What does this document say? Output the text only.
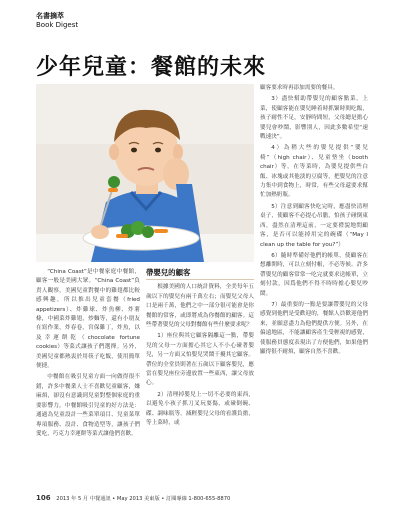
名書摘萃
Book Digest
少年兒童：餐館的未來

“China Coast”是中餐家庭中餐館，顧客一般是美國大眾。“China Coast”負責人觀察，美國兒童對餐中的雞翅都比較感興趣，所以推出兒童套餐（fried appetizers）、炸雞球、炸魚柳、炸薯條，中國菜炸雞翅，炒麵等，還有小朋友在寫作業，炸春卷，宮保雞丁，炸魚，以及幸運餅乾（chocolate fortune cookies）等菜式讓孩子們選擇。另外，美國兒童都熱衷於用筷子吃飯，使用簡單便捷。

中餐館在吸引兒童方面一向做得很不錯，許多中餐業人士不喜歡兒童顧客，嫌麻煩，卻沒有意識到兒童對整個家庭的重要影響力。中餐館吸引兒童的好方法是：通過為兒童設計一些菜單項目、兒童菜單專項服務、設計、食物造型等，讓孩子們愛吃，巧克力幸運餅等菜式讓他們喜歡。

帶嬰兒的顧客

根據美國的人口統計資料，全美每年五歲以下的嬰兒有兩千萬左右；而嬰兒父母人口是兩千萬，他們之中一部分很可能會是你餐館的常客，或即將成為你餐館的顧客。這些帶著嬰兒的父母對餐館有些什麼要求呢？

1）座位與其它顧客隔離這一點，帶嬰兒的父母一方面擔心其它人不小心碰著嬰兒，另一方面又怕嬰兒哭鬧干擾其它顧客。帶位的全堂員則著在五歲以下顧客嬰兒，應當在嬰兒座位旁邊放置一些東西，讓父母放心。

2）清理掉嬰兒上一切不必要的東西，以避免小孩子抓刀叉玩耍傷，或碰倒碗、碟、調味瓶等。減輕嬰兒父母的看護負擔，等上菜時，或

顧客要求時再添加需要的餐具。

3）盡快幫助帶嬰兒的顧客點菜，上菜，使顧客能在嬰兒睡着時抓緊時間吃飯，孩子耐性不足，安靜時間短，父母總是擔心嬰兒會吵鬧，影響別人，因此多數希望“速戰速決”。

4）為稍大些的嬰兒提供“嬰兒椅”（high chair）、兒童墊坐（booth chair）等，在等菜時，為嬰兒提供些白飯、冰塊或其他淡的豆腐等，把嬰兒的注意力集中到食物上，時常，有些父母還要求幫忙加熱奶瓶。

5）注意到顧客快吃完時，應盡快清理桌子，使顧客不必提心吊膽，怕孩子碰倒東西，盡然在清理這前，一定要禮貌地問顧客，是否可以能掉用完的碗碟（“May I clean up the table for you?”）

6）隨時準備好他們的帳單，使顧客在想離開時，可以立刻付帳，不必等候。許多帶嬰兒的顧客常常一吃完就要求送帳單，立刻付款，因爲他們不得不時時擔心嬰兒吵鬧。

7）最重要的一點是要讓帶嬰兒的父母感覺到他們是受歡迎的，餐館人員歡迎他們來，並願意盡力為他們提供方便。另外，在偏遠地區，不能讓顧客產生受輕視的感覺，使服務員態度表現出了方便他們，如果他們顯得很不耐煩，顧客自然不喜歡。

106 2013 年 5 月 中餐通訊 • May 2013 美東版 • 訂閱專線 1-800-655-8870
